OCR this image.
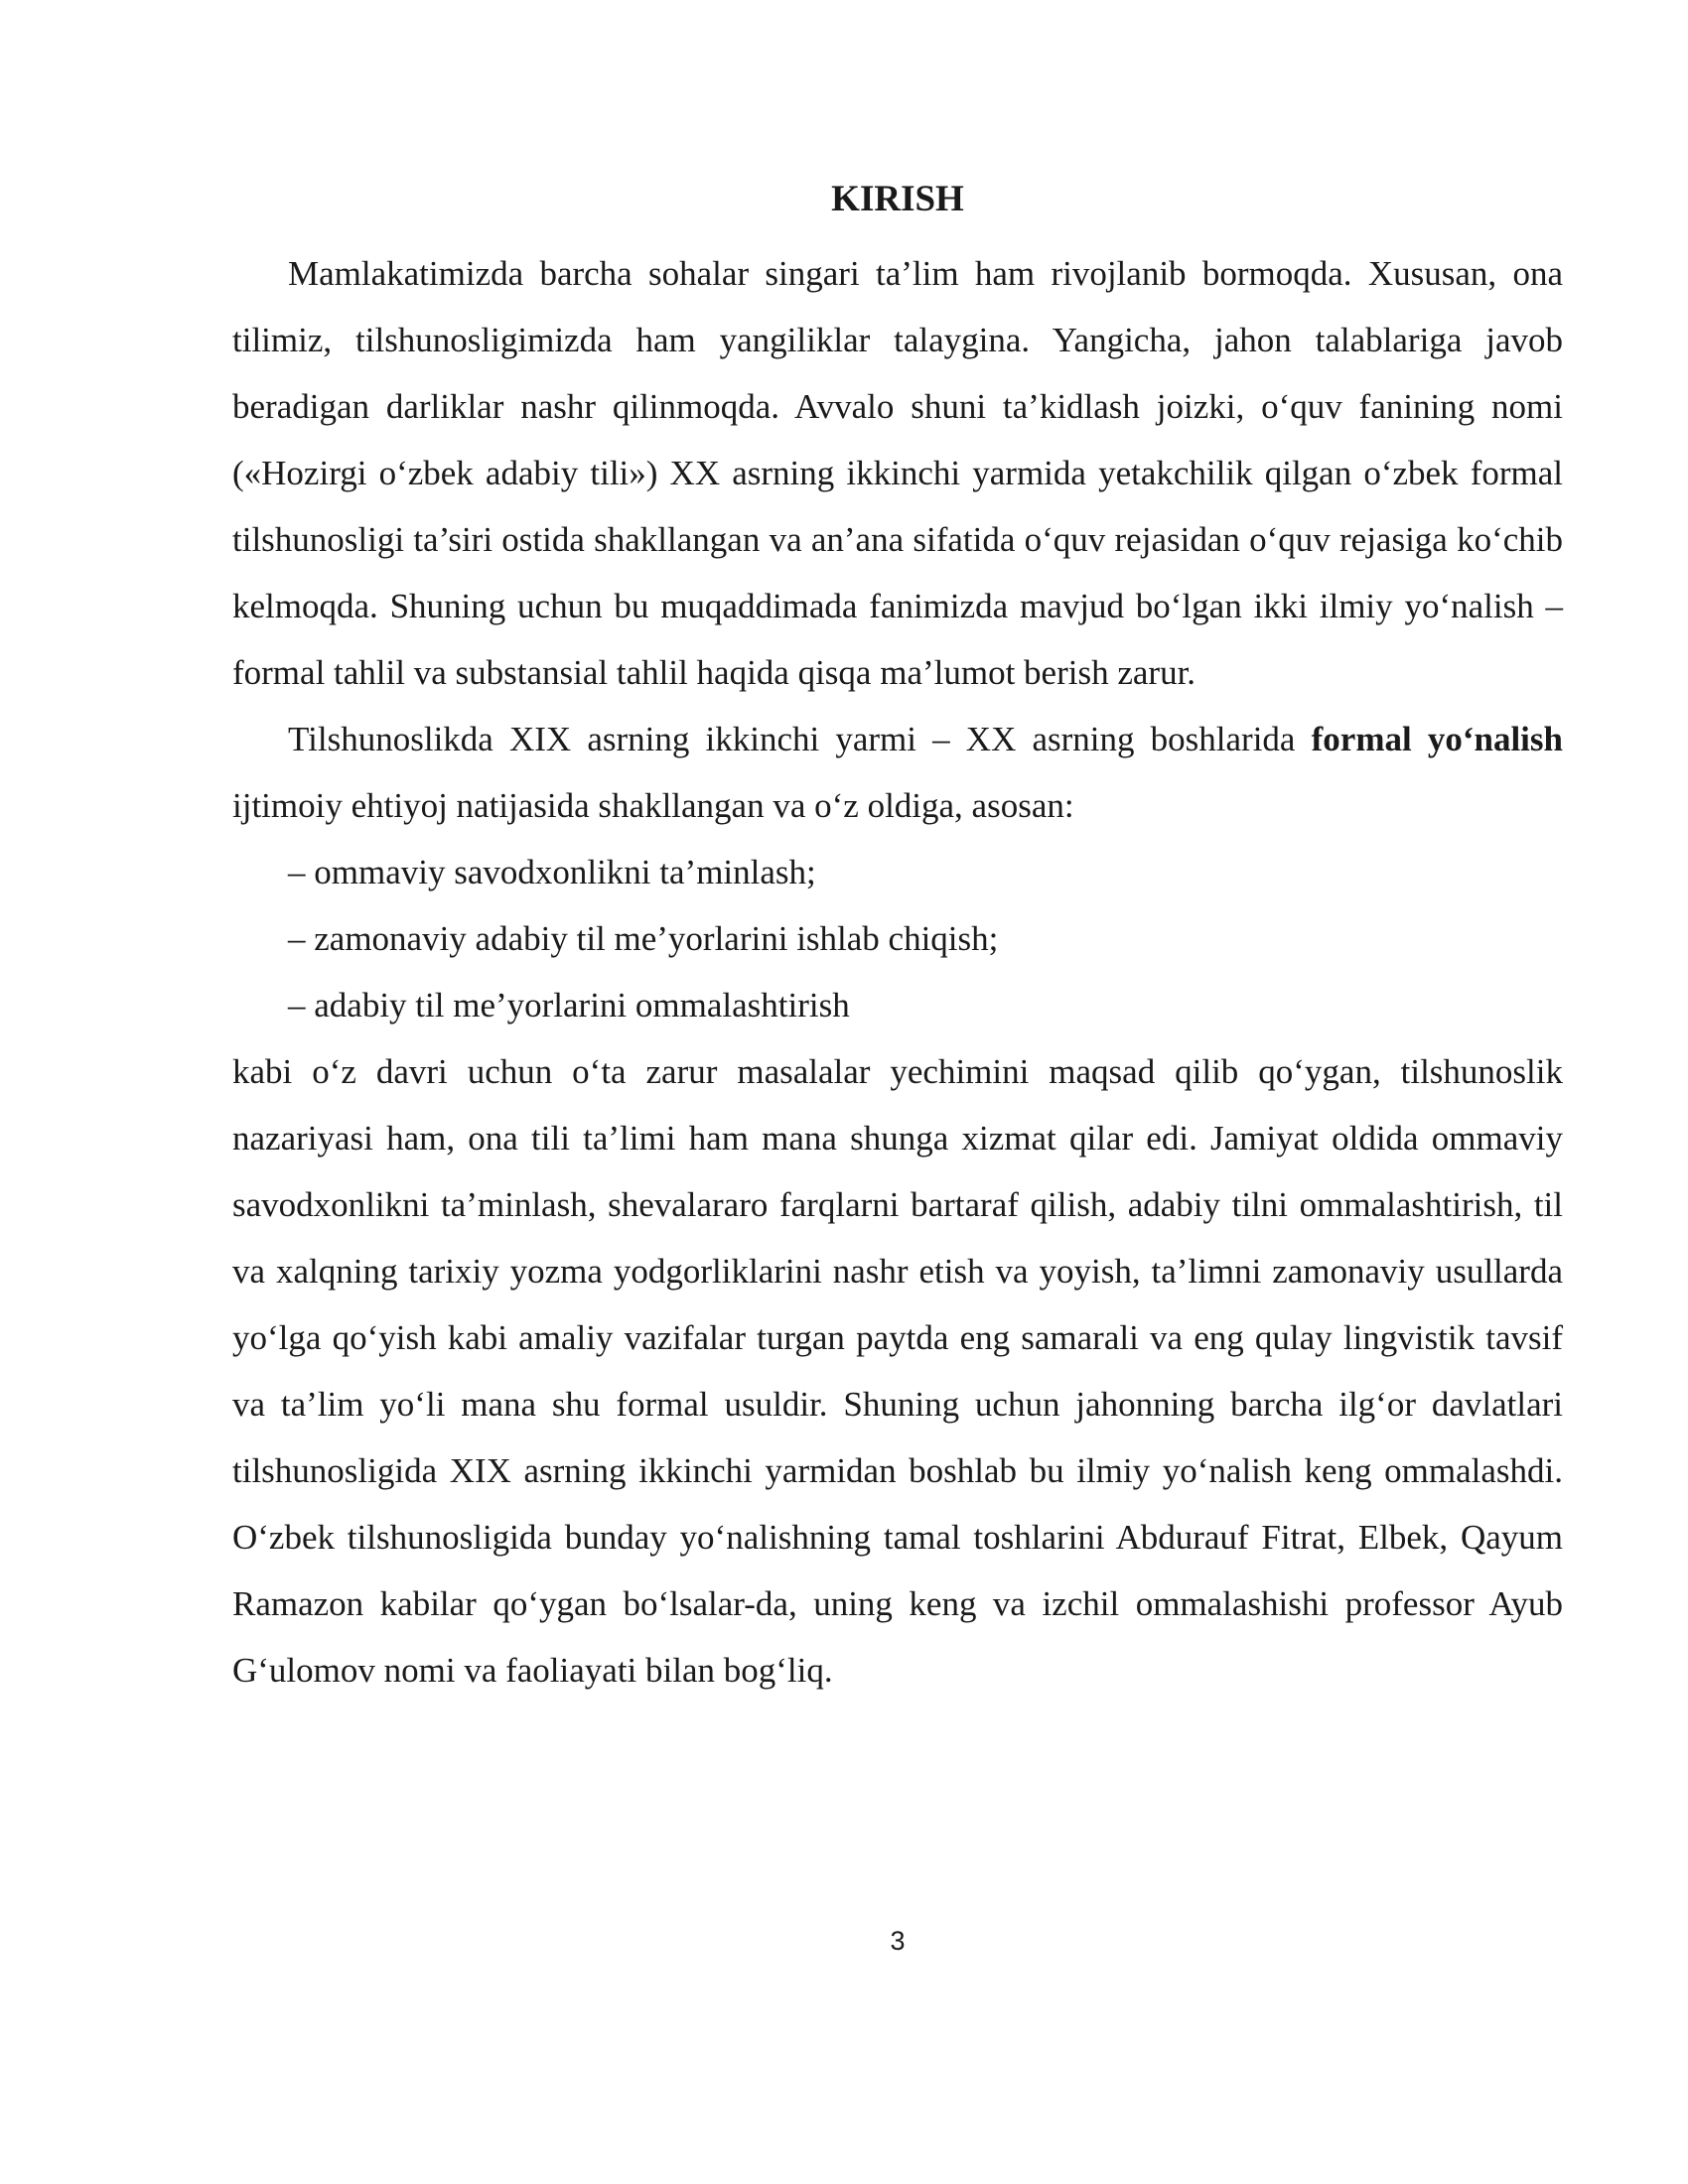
KIRISH

Mamlakatimizda barcha sohalar singari ta’lim ham rivojlanib bormoqda. Xususan, ona tilimiz, tilshunosligimizda ham yangiliklar talaygina. Yangicha, jahon talablariga javob beradigan darliklar nashr qilinmoqda. Avvalo shuni ta’kidlash joizki, o‘quv fanining nomi («Hozirgi o‘zbek adabiy tili») XX asrning ikkinchi yarmida yetakchilik qilgan o‘zbek formal tilshunosligi ta’siri ostida shakllangan va an’ana sifatida o‘quv rejasidan o‘quv rejasiga ko‘chib kelmoqda. Shuning uchun bu muqaddimada fanimizda mavjud bo‘lgan ikki ilmiy yo‘nalish – formal tahlil va substansial tahlil haqida qisqa ma’lumot berish zarur.

Tilshunoslikda XIX asrning ikkinchi yarmi – XX asrning boshlarida formal yo‘nalish ijtimoiy ehtiyoj natijasida shakllangan va o‘z oldiga, asosan:

– ommaviy savodxonlikni ta’minlash;

– zamonaviy adabiy til me’yorlarini ishlab chiqish;

– adabiy til me’yorlarini ommalashtirish

kabi o‘z davri uchun o‘ta zarur masalalar yechimini maqsad qilib qo‘ygan, tilshunoslik nazariyasi ham, ona tili ta’limi ham mana shunga xizmat qilar edi. Jamiyat oldida ommaviy savodxonlikni ta’minlash, shevalararo farqlarni bartaraf qilish, adabiy tilni ommalashtirish, til va xalqning tarixiy yozma yodgorliklarini nashr etish va yoyish, ta’limni zamonaviy usullarda yo‘lga qo‘yish kabi amaliy vazifalar turgan paytda eng samarali va eng qulay lingvistik tavsif va ta’lim yo‘li mana shu formal usuldir. Shuning uchun jahonning barcha ilg‘or davlatlari tilshunosligida XIX asrning ikkinchi yarmidan boshlab bu ilmiy yo‘nalish keng ommalashdi. O‘zbek tilshunosligida bunday yo‘nalishning tamal toshlarini Abdurauf Fitrat, Elbek, Qayum Ramazon kabilar qo‘ygan bo‘lsalar-da, uning keng va izchil ommalashishi professor Ayub G‘ulomov nomi va faoliayati bilan bog‘liq.

3
